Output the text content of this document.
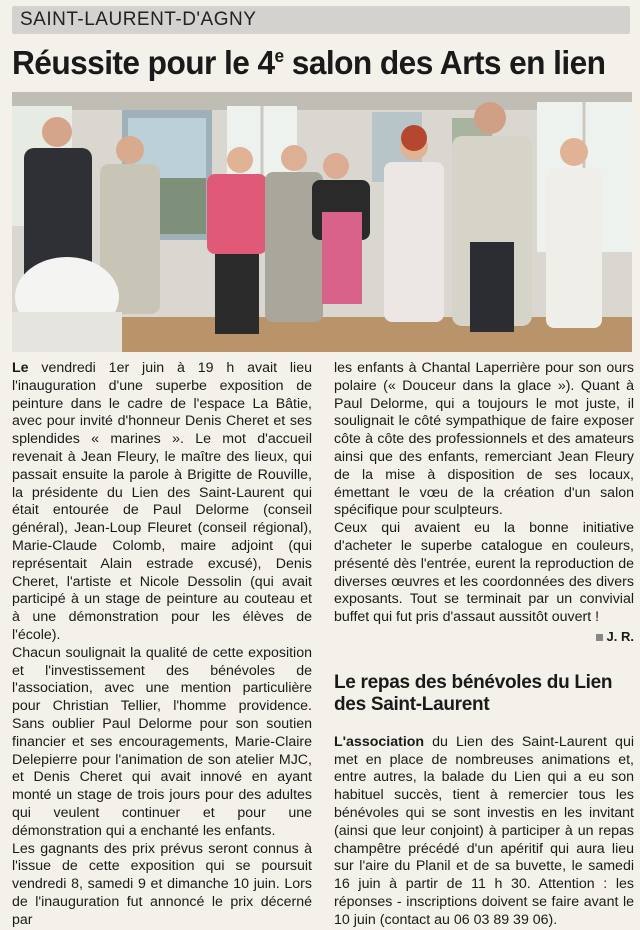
SAINT-LAURENT-D'AGNY
Réussite pour le 4e salon des Arts en lien

Le vendredi 1er juin à 19 h avait lieu l'inauguration d'une superbe exposition de peinture dans le cadre de l'espace La Bâtie, avec pour invité d'honneur Denis Cheret et ses splendides « marines ». Le mot d'accueil revenait à Jean Fleury, le maître des lieux, qui passait ensuite la parole à Brigitte de Rouville, la présidente du Lien des Saint-Laurent qui était entourée de Paul Delorme (conseil général), Jean-Loup Fleuret (conseil régional), Marie-Claude Colomb, maire adjoint (qui représentait Alain estrade excusé), Denis Cheret, l'artiste et Nicole Dessolin (qui avait participé à un stage de peinture au couteau et à une démonstration pour les élèves de l'école).

Chacun soulignait la qualité de cette exposition et l'investissement des bénévoles de l'association, avec une mention particulière pour Christian Tellier, l'homme providence. Sans oublier Paul Delorme pour son soutien financier et ses encouragements, Marie-Claire Delepierre pour l'animation de son atelier MJC, et Denis Cheret qui avait innové en ayant monté un stage de trois jours pour des adultes qui veulent continuer et pour une démonstration qui a enchanté les enfants.

Les gagnants des prix prévus seront connus à l'issue de cette exposition qui se poursuit vendredi 8, samedi 9 et dimanche 10 juin. Lors de l'inauguration fut annoncé le prix décerné par

les enfants à Chantal Laperrière pour son ours polaire (« Douceur dans la glace »). Quant à Paul Delorme, qui a toujours le mot juste, il soulignait le côté sympathique de faire exposer côte à côte des professionnels et des amateurs ainsi que des enfants, remerciant Jean Fleury de la mise à disposition de ses locaux, émettant le vœu de la création d'un salon spécifique pour sculpteurs.

Ceux qui avaient eu la bonne initiative d'acheter le superbe catalogue en couleurs, présenté dès l'entrée, eurent la reproduction de diverses œuvres et les coordonnées des divers exposants. Tout se terminait par un convivial buffet qui fut pris d'assaut aussitôt ouvert !

J. R.
Le repas des bénévoles du Lien des Saint-Laurent

L'association du Lien des Saint-Laurent qui met en place de nombreuses animations et, entre autres, la balade du Lien qui a eu son habituel succès, tient à remercier tous les bénévoles qui se sont investis en les invitant (ainsi que leur conjoint) à participer à un repas champêtre précédé d'un apéritif qui aura lieu sur l'aire du Planil et de sa buvette, le samedi 16 juin à partir de 11 h 30. Attention : les réponses - inscriptions doivent se faire avant le 10 juin (contact au 06 03 89 39 06).
